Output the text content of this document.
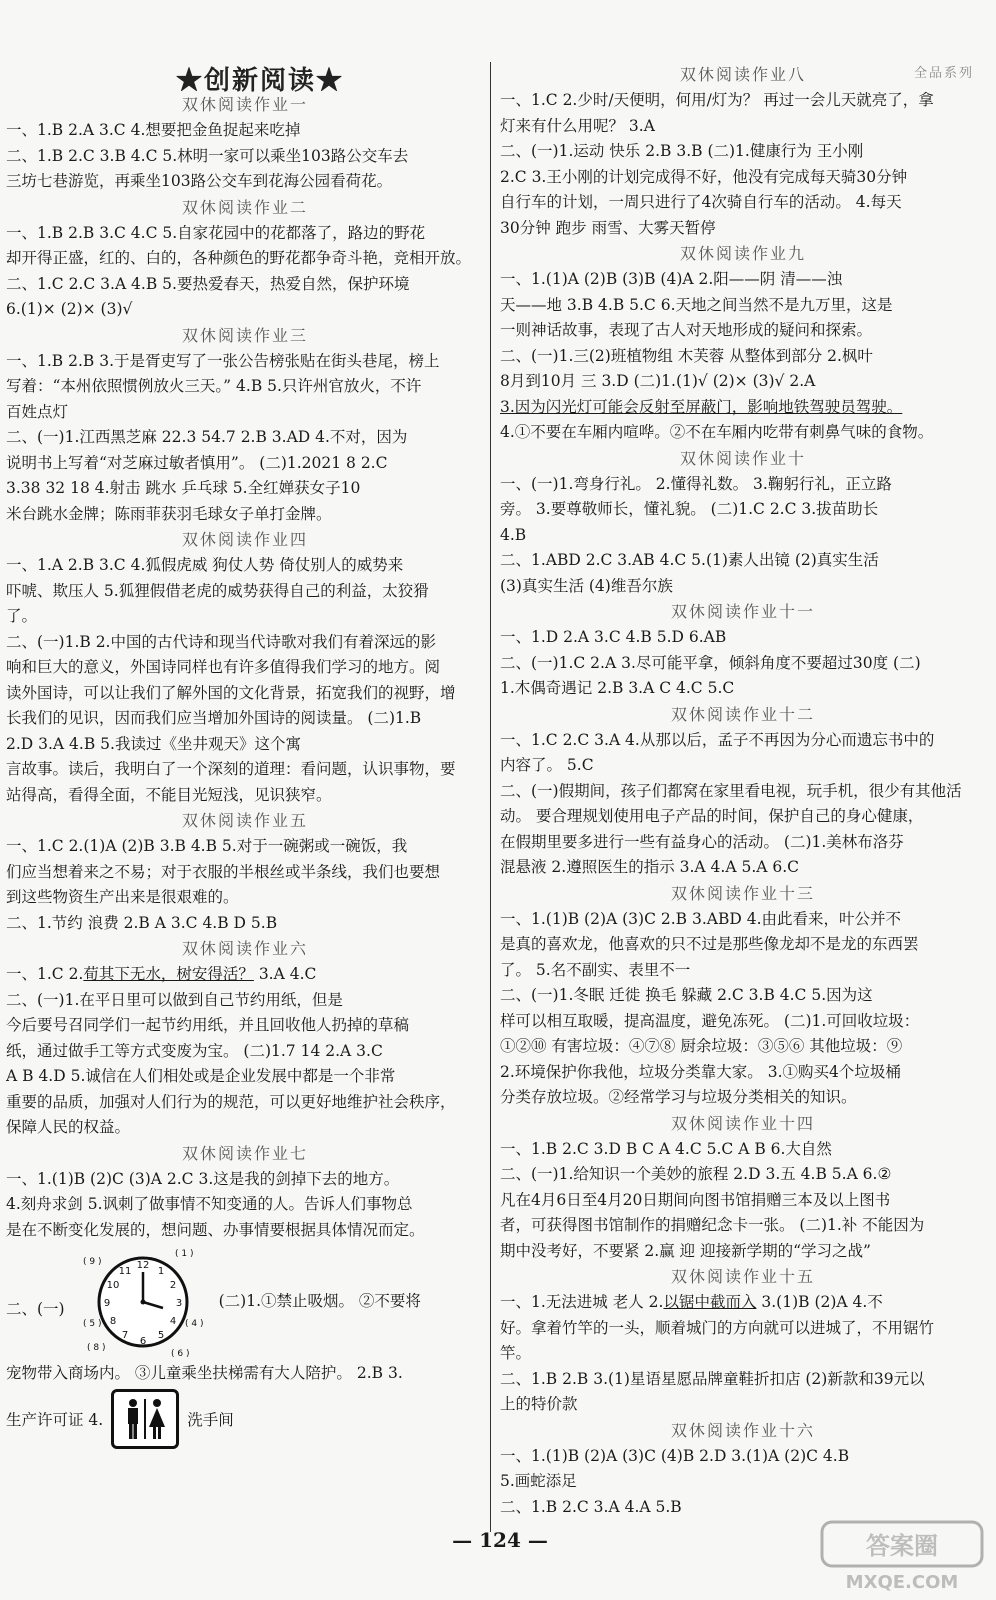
★创新阅读★	全品系列

双休阅读作业一

一、1.B 2.A 3.C 4.想要把金鱼捉起来吃掉

二、1.B 2.C 3.B 4.C 5.林明一家可以乘坐103路公交车去

三坊七巷游览，再乘坐103路公交车到花海公园看荷花。

双休阅读作业二

一、1.B 2.B 3.C 4.C 5.自家花园中的花都落了，路边的野花

却开得正盛，红的、白的，各种颜色的野花都争奇斗艳，竞相开放。

二、1.C 2.C 3.A 4.B 5.要热爱春天，热爱自然，保护环境

6.(1)× (2)× (3)√

双休阅读作业三

一、1.B 2.B 3.于是胥吏写了一张公告榜张贴在街头巷尾，榜上

写着：“本州依照惯例放火三天。” 4.B 5.只许州官放火，不许

百姓点灯

二、(一)1.江西黑芝麻 22.3 54.7 2.B 3.AD 4.不对，因为

说明书上写着“对芝麻过敏者慎用”。 (二)1.2021 8 2.C

3.38 32 18 4.射击 跳水 乒乓球 5.全红婵获女子10

米台跳水金牌；陈雨菲获羽毛球女子单打金牌。

双休阅读作业四

一、1.A 2.B 3.C 4.狐假虎威 狗仗人势 倚仗别人的威势来

吓唬、欺压人 5.狐狸假借老虎的威势获得自己的利益，太狡猾

了。

二、(一)1.B 2.中国的古代诗和现当代诗歌对我们有着深远的影

响和巨大的意义，外国诗同样也有许多值得我们学习的地方。阅

读外国诗，可以让我们了解外国的文化背景，拓宽我们的视野，增

长我们的见识，因而我们应当增加外国诗的阅读量。 (二)1.B

2.D 3.A 4.B 5.我读过《坐井观天》这个寓

言故事。读后，我明白了一个深刻的道理：看问题，认识事物，要

站得高，看得全面，不能目光短浅，见识狭窄。

双休阅读作业五

一、1.C 2.(1)A (2)B 3.B 4.B 5.对于一碗粥或一碗饭，我

们应当想着来之不易；对于衣服的半根丝或半条线，我们也要想

到这些物资生产出来是很艰难的。

二、1.节约 浪费 2.B A 3.C 4.B D 5.B

双休阅读作业六

一、1.C 2.荀其下无水，树安得活？ 3.A 4.C

二、(一)1.在平日里可以做到自己节约用纸，但是

今后要号召同学们一起节约用纸，并且回收他人扔掉的草稿

纸，通过做手工等方式变废为宝。 (二)1.7 14 2.A 3.C

A B 4.D 5.诚信在人们相处或是企业发展中都是一个非常

重要的品质，加强对人们行为的规范，可以更好地维护社会秩序，

保障人民的权益。

双休阅读作业七

一、1.(1)B (2)C (3)A 2.C 3.这是我的剑掉下去的地方。

4.刻舟求剑 5.讽刺了做事情不知变通的人。告诉人们事物总

是在不断变化发展的，想问题、办事情要根据具体情况而定。

二、(一)
12
3
6
9
1
2
4
5
7
8
10
11
( 9 )
( 1 )
( 5 )	( 4 )
( 8 )
( 6 )
(二)1.①禁止吸烟。 ②不要将

宠物带入商场内。 ③儿童乘坐扶梯需有大人陪护。 2.B 3.

生产许可证 4.	洗手间

双休阅读作业八

一、1.C 2.少时/天便明，何用/灯为？ 再过一会儿天就亮了，拿

灯来有什么用呢？ 3.A

二、(一)1.运动 快乐 2.B 3.B (二)1.健康行为 王小刚

2.C 3.王小刚的计划完成得不好，他没有完成每天骑30分钟

自行车的计划，一周只进行了4次骑自行车的活动。 4.每天

30分钟 跑步 雨雪、大雾天暂停

双休阅读作业九

一、1.(1)A (2)B (3)B (4)A 2.阳——阴 清——浊

天——地 3.B 4.B 5.C 6.天地之间当然不是九万里，这是

一则神话故事，表现了古人对天地形成的疑问和探索。

二、(一)1.三(2)班植物组 木芙蓉 从整体到部分 2.枫叶

8月到10月 三 3.D (二)1.(1)√ (2)× (3)√ 2.A

3.因为闪光灯可能会反射至屏蔽门，影响地铁驾驶员驾驶。

4.①不要在车厢内喧哗。②不在车厢内吃带有刺鼻气味的食物。

双休阅读作业十

一、(一)1.弯身行礼。 2.懂得礼数。 3.鞠躬行礼，正立路

旁。 3.要尊敬师长，懂礼貌。 (二)1.C 2.C 3.拔苗助长

4.B

二、1.ABD 2.C 3.AB 4.C 5.(1)素人出镜 (2)真实生活

(3)真实生活 (4)维吾尔族

双休阅读作业十一

一、1.D 2.A 3.C 4.B 5.D 6.AB

二、(一)1.C 2.A 3.尽可能平拿，倾斜角度不要超过30度 (二)

1.木偶奇遇记 2.B 3.A C 4.C 5.C

双休阅读作业十二

一、1.C 2.C 3.A 4.从那以后，孟子不再因为分心而遗忘书中的

内容了。 5.C

二、(一)假期间，孩子们都窝在家里看电视，玩手机，很少有其他活

动。 要合理规划使用电子产品的时间，保护自己的身心健康，

在假期里要多进行一些有益身心的活动。 (二)1.美林布洛芬

混悬液 2.遵照医生的指示 3.A 4.A 5.A 6.C

双休阅读作业十三

一、1.(1)B (2)A (3)C 2.B 3.ABD 4.由此看来，叶公并不

是真的喜欢龙，他喜欢的只不过是那些像龙却不是龙的东西罢

了。 5.名不副实、表里不一

二、(一)1.冬眠 迁徙 换毛 躲藏 2.C 3.B 4.C 5.因为这

样可以相互取暖，提高温度，避免冻死。 (二)1.可回收垃圾：

①②⑩ 有害垃圾：④⑦⑧ 厨余垃圾：③⑤⑥ 其他垃圾：⑨

2.环境保护你我他，垃圾分类靠大家。 3.①购买4个垃圾桶

分类存放垃圾。②经常学习与垃圾分类相关的知识。

双休阅读作业十四

一、1.B 2.C 3.D B C A 4.C 5.C A B 6.大自然

二、(一)1.给知识一个美妙的旅程 2.D 3.五 4.B 5.A 6.②

凡在4月6日至4月20日期间向图书馆捐赠三本及以上图书

者，可获得图书馆制作的捐赠纪念卡一张。 (二)1.补 不能因为

期中没考好，不要紧 2.赢 迎 迎接新学期的“学习之战”

双休阅读作业十五

一、1.无法进城 老人 2.以锯中截而入 3.(1)B (2)A 4.不

好。拿着竹竿的一头，顺着城门的方向就可以进城了，不用锯竹

竿。

二、1.B 2.B 3.(1)星语星愿品牌童鞋折扣店 (2)新款和39元以

上的特价款

双休阅读作业十六

一、1.(1)B (2)A (3)C (4)B 2.D 3.(1)A (2)C 4.B

5.画蛇添足

二、1.B 2.C 3.A 4.A 5.B

— 124 —	答案圈
MXQE.COM
